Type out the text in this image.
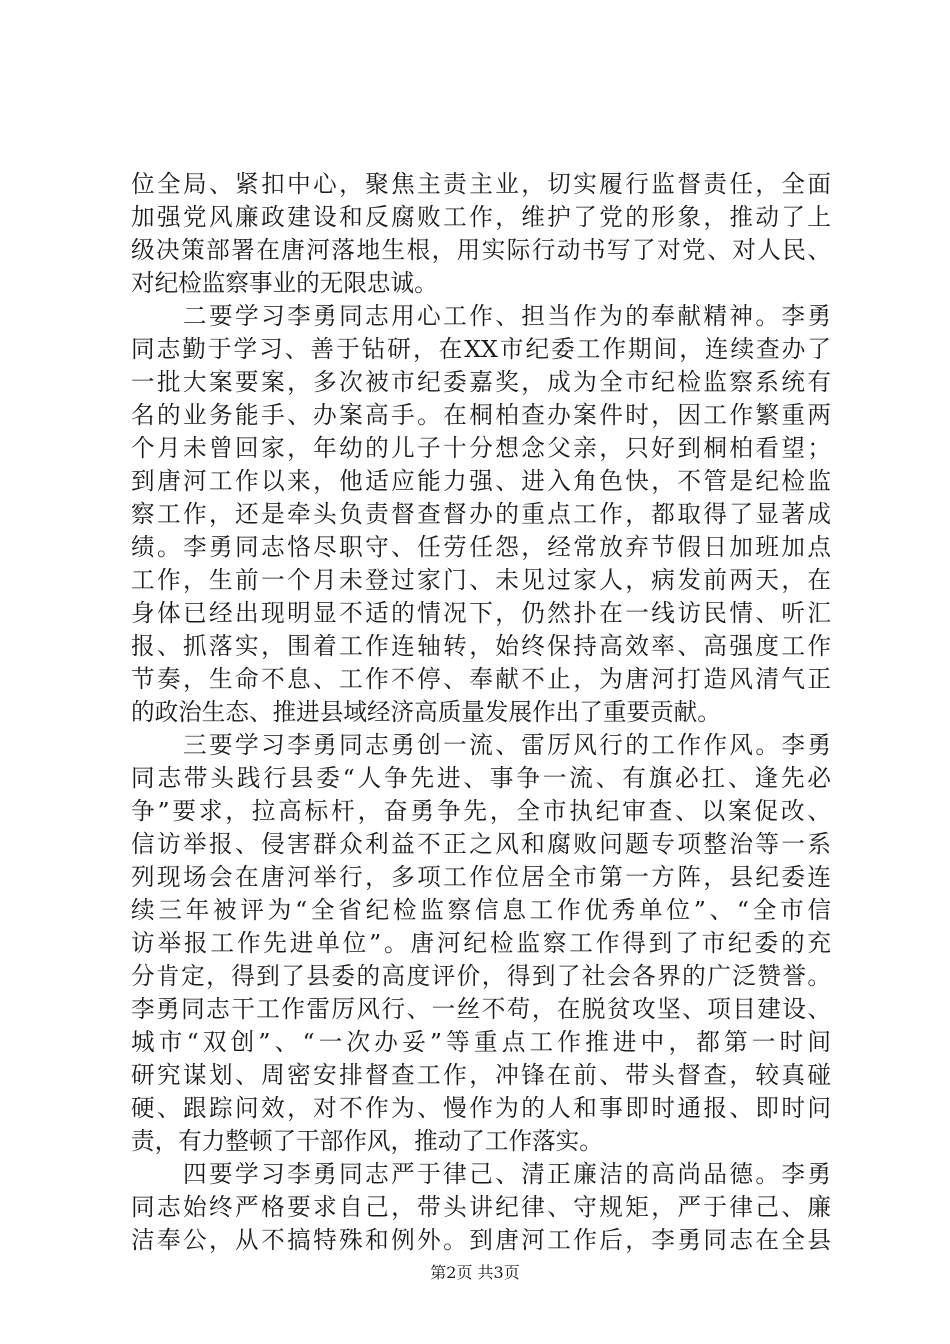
位全局、紧扣中心，聚焦主责主业，切实履行监督责任，全面
加强党风廉政建设和反腐败工作，维护了党的形象，推动了上
级决策部署在唐河落地生根，用实际行动书写了对党、对人民、
对纪检监察事业的无限忠诚。
　　二要学习李勇同志用心工作、担当作为的奉献精神。李勇
同志勤于学习、善于钻研，在XX市纪委工作期间，连续查办了
一批大案要案，多次被市纪委嘉奖，成为全市纪检监察系统有
名的业务能手、办案高手。在桐柏查办案件时，因工作繁重两
个月未曾回家，年幼的儿子十分想念父亲，只好到桐柏看望；
到唐河工作以来，他适应能力强、进入角色快，不管是纪检监
察工作，还是牵头负责督查督办的重点工作，都取得了显著成
绩。李勇同志恪尽职守、任劳任怨，经常放弃节假日加班加点
工作，生前一个月未登过家门、未见过家人，病发前两天，在
身体已经出现明显不适的情况下，仍然扑在一线访民情、听汇
报、抓落实，围着工作连轴转，始终保持高效率、高强度工作
节奏，生命不息、工作不停、奉献不止，为唐河打造风清气正
的政治生态、推进县域经济高质量发展作出了重要贡献。
　　三要学习李勇同志勇创一流、雷厉风行的工作作风。李勇
同志带头践行县委“人争先进、事争一流、有旗必扛、逢先必
争”要求，拉高标杆，奋勇争先，全市执纪审查、以案促改、
信访举报、侵害群众利益不正之风和腐败问题专项整治等一系
列现场会在唐河举行，多项工作位居全市第一方阵，县纪委连
续三年被评为“全省纪检监察信息工作优秀单位”、“全市信
访举报工作先进单位”。唐河纪检监察工作得到了市纪委的充
分肯定，得到了县委的高度评价，得到了社会各界的广泛赞誉。
李勇同志干工作雷厉风行、一丝不苟，在脱贫攻坚、项目建设、
城市“双创”、“一次办妥”等重点工作推进中，都第一时间
研究谋划、周密安排督查工作，冲锋在前、带头督查，较真碰
硬、跟踪问效，对不作为、慢作为的人和事即时通报、即时问
责，有力整顿了干部作风，推动了工作落实。
　　四要学习李勇同志严于律己、清正廉洁的高尚品德。李勇
同志始终严格要求自己，带头讲纪律、守规矩，严于律己、廉
洁奉公，从不搞特殊和例外。到唐河工作后，李勇同志在全县
第2页 共3页
